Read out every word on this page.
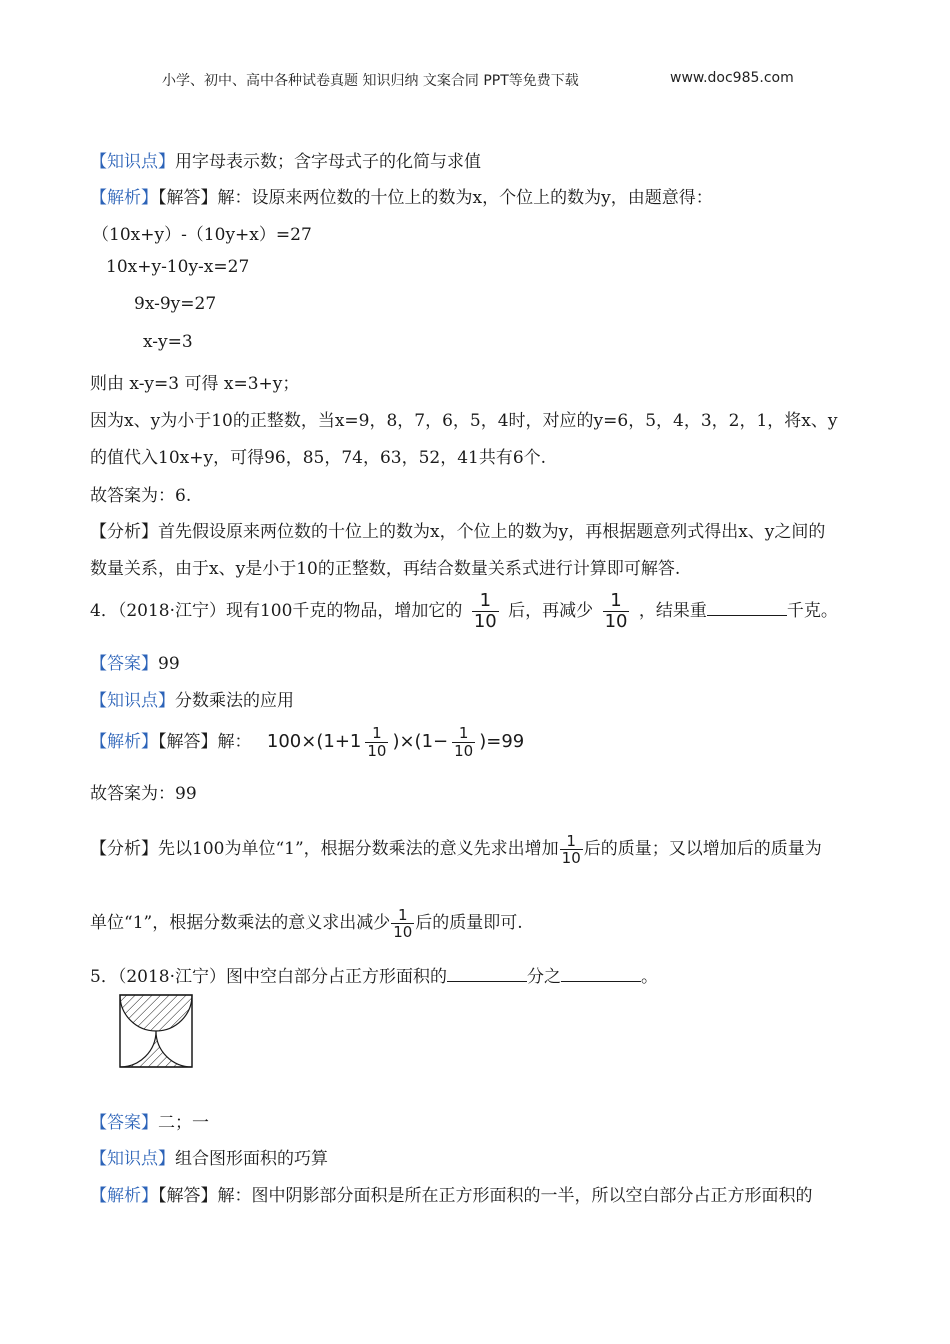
小学、初中、高中各种试卷真题 知识归纳 文案合同 PPT等免费下载	www.doc985.com
【知识点】用字母表示数；含字母式子的化简与求值
【解析】【解答】解：设原来两位数的十位上的数为x，个位上的数为y，由题意得：
（10x+y）-（10y+x）=27
10x+y-10y-x=27
9x-9y=27
x-y=3
则由 x-y=3 可得 x=3+y；
因为x、y为小于10的正整数，当x=9，8，7，6，5，4时，对应的y=6，5，4，3，2，1，将x、y
的值代入10x+y，可得96，85，74，63，52，41共有6个.
故答案为：6.
【分析】首先假设原来两位数的十位上的数为x，个位上的数为y，再根据题意列式得出x、y之间的
数量关系，由于x、y是小于10的正整数，再结合数量关系式进行计算即可解答.
4．（2018·江宁）现有100千克的物品，增加它的 $\frac{1}{10}$ 后，再减少 $\frac{1}{10}$ ，结果重	千克。
【答案】99
【知识点】分数乘法的应用
【解析】【解答】解： $100\times(1+1 \frac{1}{10} )\times(1- \frac{1}{10} )=99$
故答案为：99
【分析】先以100为单位“1”，根据分数乘法的意义先求出增加 $\frac{1}{10}$ 后的质量；又以增加后的质量为
单位“1”，根据分数乘法的意义求出减少 $\frac{1}{10}$ 后的质量即可.
5．（2018·江宁）图中空白部分占正方形面积的	分之	。
【答案】二；一
【知识点】组合图形面积的巧算
【解析】【解答】解：图中阴影部分面积是所在正方形面积的一半，所以空白部分占正方形面积的
